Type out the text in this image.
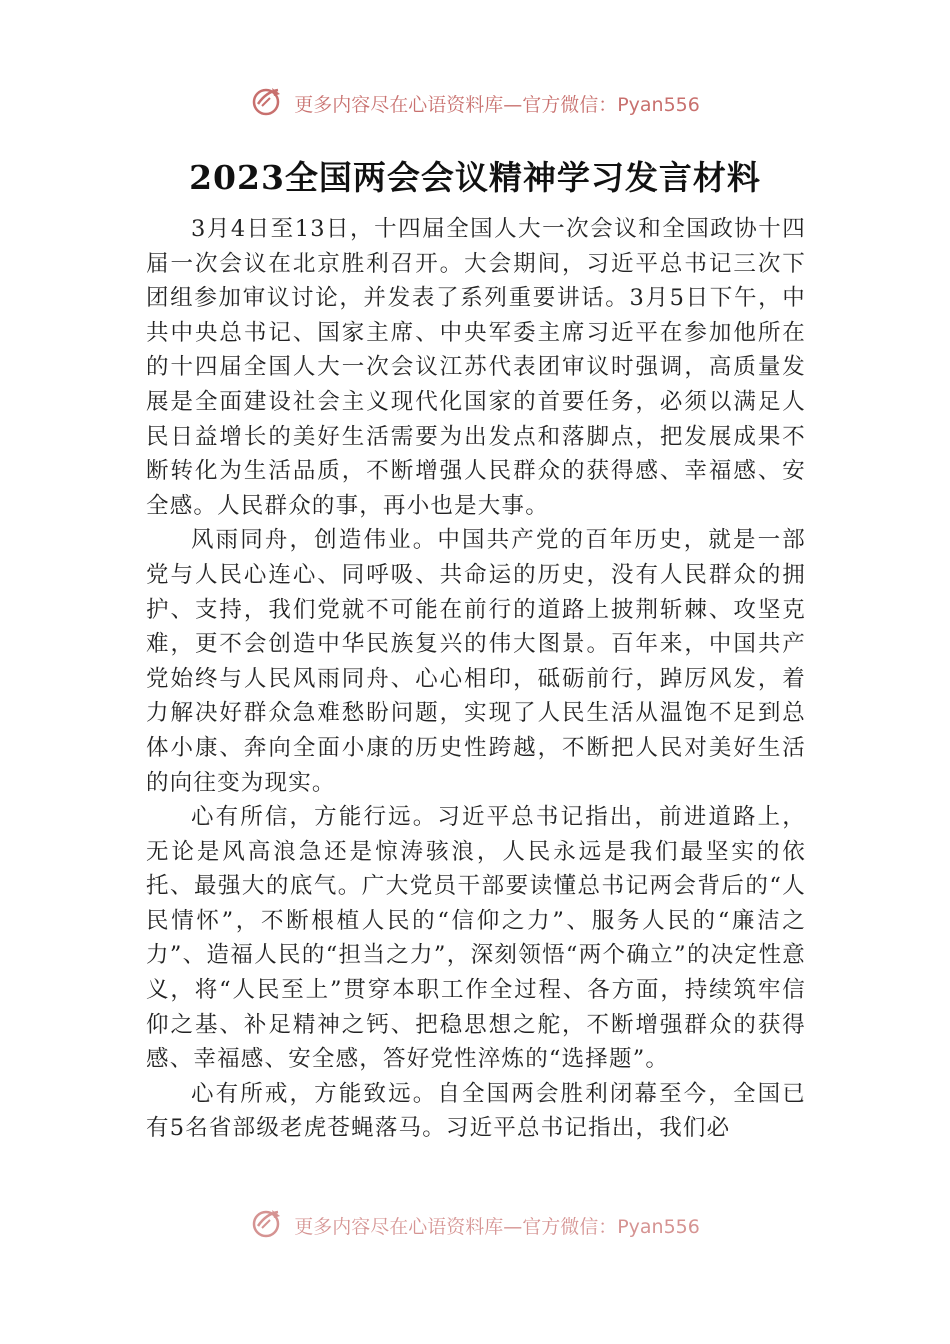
更多内容尽在心语资料库—官方微信：Pyan556
2023全国两会会议精神学习发言材料

3月4日至13日，十四届全国人大一次会议和全国政协十四届一次会议在北京胜利召开。大会期间，习近平总书记三次下团组参加审议讨论，并发表了系列重要讲话。3月5日下午，中共中央总书记、国家主席、中央军委主席习近平在参加他所在的十四届全国人大一次会议江苏代表团审议时强调，高质量发展是全面建设社会主义现代化国家的首要任务，必须以满足人民日益增长的美好生活需要为出发点和落脚点，把发展成果不断转化为生活品质，不断增强人民群众的获得感、幸福感、安全感。人民群众的事，再小也是大事。

风雨同舟，创造伟业。中国共产党的百年历史，就是一部党与人民心连心、同呼吸、共命运的历史，没有人民群众的拥护、支持，我们党就不可能在前行的道路上披荆斩棘、攻坚克难，更不会创造中华民族复兴的伟大图景。百年来，中国共产党始终与人民风雨同舟、心心相印，砥砺前行，踔厉风发，着力解决好群众急难愁盼问题，实现了人民生活从温饱不足到总体小康、奔向全面小康的历史性跨越，不断把人民对美好生活的向往变为现实。

心有所信，方能行远。习近平总书记指出，前进道路上，无论是风高浪急还是惊涛骇浪，人民永远是我们最坚实的依托、最强大的底气。广大党员干部要读懂总书记两会背后的“人民情怀”，不断根植人民的“信仰之力”、服务人民的“廉洁之力”、造福人民的“担当之力”，深刻领悟“两个确立”的决定性意义，将“人民至上”贯穿本职工作全过程、各方面，持续筑牢信仰之基、补足精神之钙、把稳思想之舵，不断增强群众的获得感、幸福感、安全感，答好党性淬炼的“选择题”。

心有所戒，方能致远。自全国两会胜利闭幕至今，全国已有5名省部级老虎苍蝇落马。习近平总书记指出，我们必

更多内容尽在心语资料库—官方微信：Pyan556
